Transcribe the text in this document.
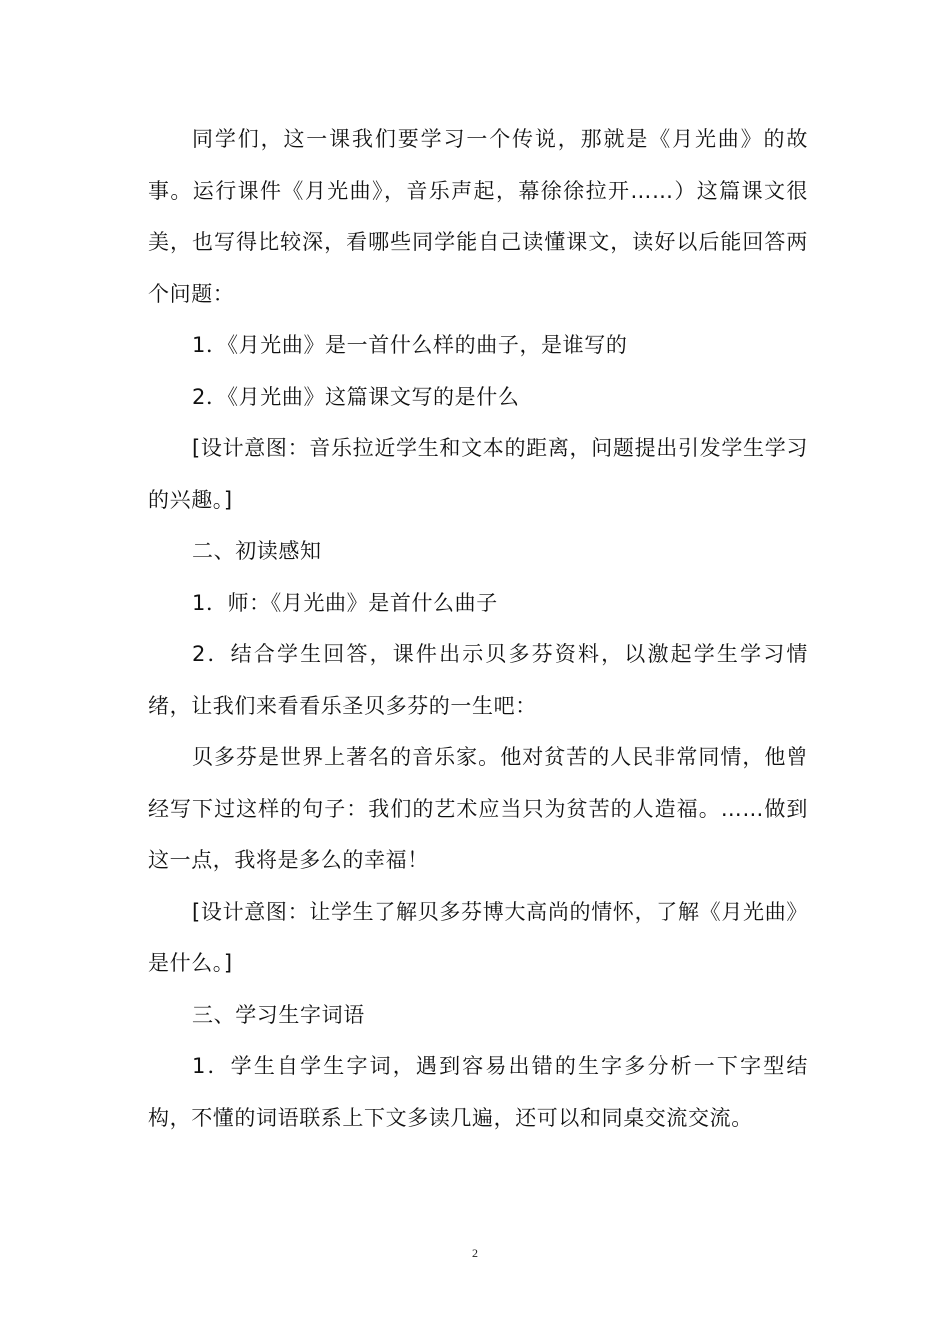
同学们，这一课我们要学习一个传说，那就是《月光曲》的故事。运行课件《月光曲》，音乐声起，幕徐徐拉开……）这篇课文很美，也写得比较深，看哪些同学能自己读懂课文，读好以后能回答两个问题：

1．《月光曲》是一首什么样的曲子，是谁写的

2．《月光曲》这篇课文写的是什么

[设计意图：音乐拉近学生和文本的距离，问题提出引发学生学习的兴趣。]

二、初读感知

1．师：《月光曲》是首什么曲子

2．结合学生回答，课件出示贝多芬资料，以激起学生学习情绪，让我们来看看乐圣贝多芬的一生吧：

贝多芬是世界上著名的音乐家。他对贫苦的人民非常同情，他曾经写下过这样的句子：我们的艺术应当只为贫苦的人造福。……做到这一点，我将是多么的幸福！

[设计意图：让学生了解贝多芬博大高尚的情怀，了解《月光曲》是什么。]

三、学习生字词语

1．学生自学生字词，遇到容易出错的生字多分析一下字型结构，不懂的词语联系上下文多读几遍，还可以和同桌交流交流。

2
